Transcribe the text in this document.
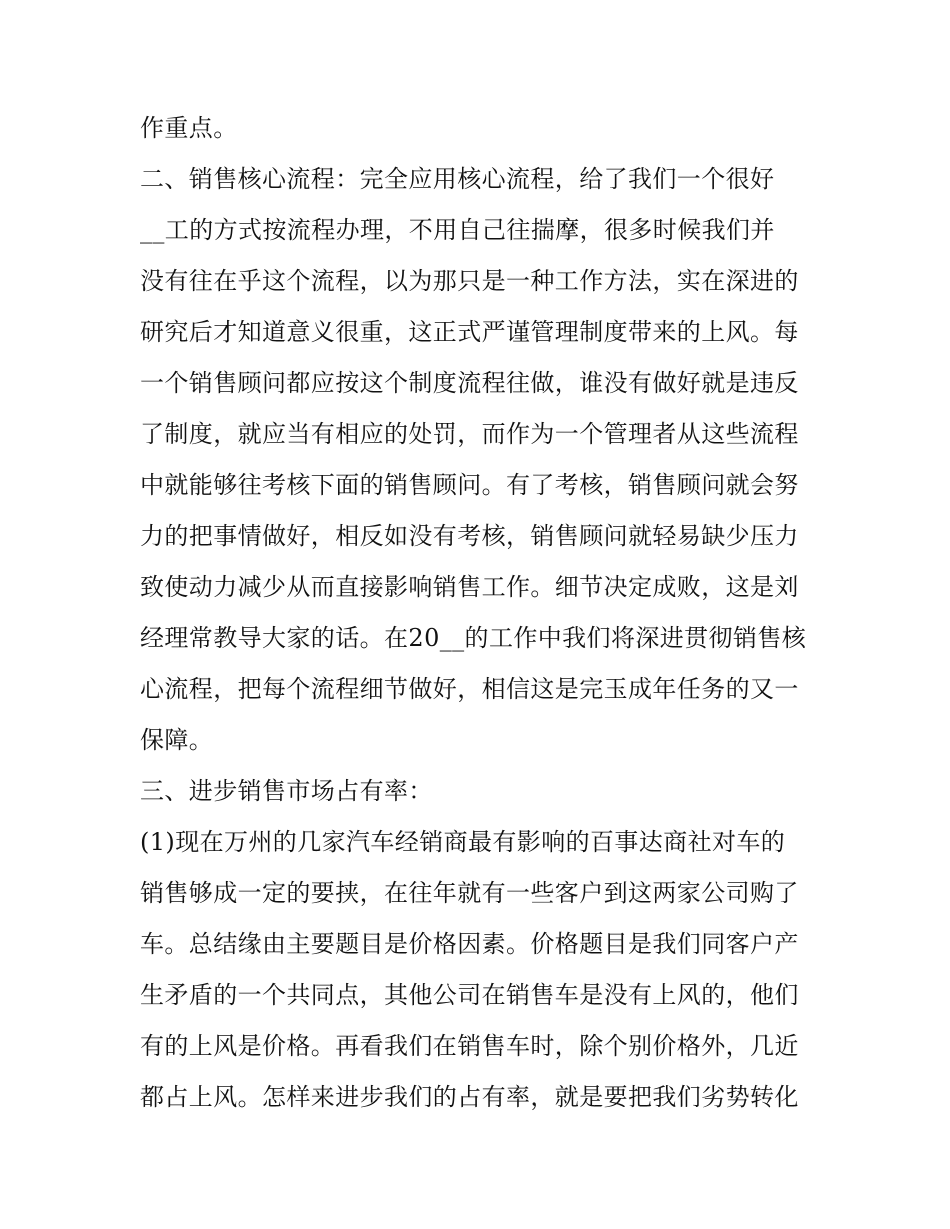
作重点。
二、销售核心流程：完全应用核心流程，给了我们一个很好
__工的方式按流程办理，不用自己往揣摩，很多时候我们并
没有往在乎这个流程，以为那只是一种工作方法，实在深进的
研究后才知道意义很重，这正式严谨管理制度带来的上风。每
一个销售顾问都应按这个制度流程往做，谁没有做好就是违反
了制度，就应当有相应的处罚，而作为一个管理者从这些流程
中就能够往考核下面的销售顾问。有了考核，销售顾问就会努
力的把事情做好，相反如没有考核，销售顾问就轻易缺少压力
致使动力减少从而直接影响销售工作。细节决定成败，这是刘
经理常教导大家的话。在20__的工作中我们将深进贯彻销售核
心流程，把每个流程细节做好，相信这是完玉成年任务的又一
保障。
三、进步销售市场占有率：
(1)现在万州的几家汽车经销商最有影响的百事达商社对车的
销售够成一定的要挟，在往年就有一些客户到这两家公司购了
车。总结缘由主要题目是价格因素。价格题目是我们同客户产
生矛盾的一个共同点，其他公司在销售车是没有上风的，他们
有的上风是价格。再看我们在销售车时，除个别价格外，几近
都占上风。怎样来进步我们的占有率，就是要把我们劣势转化
